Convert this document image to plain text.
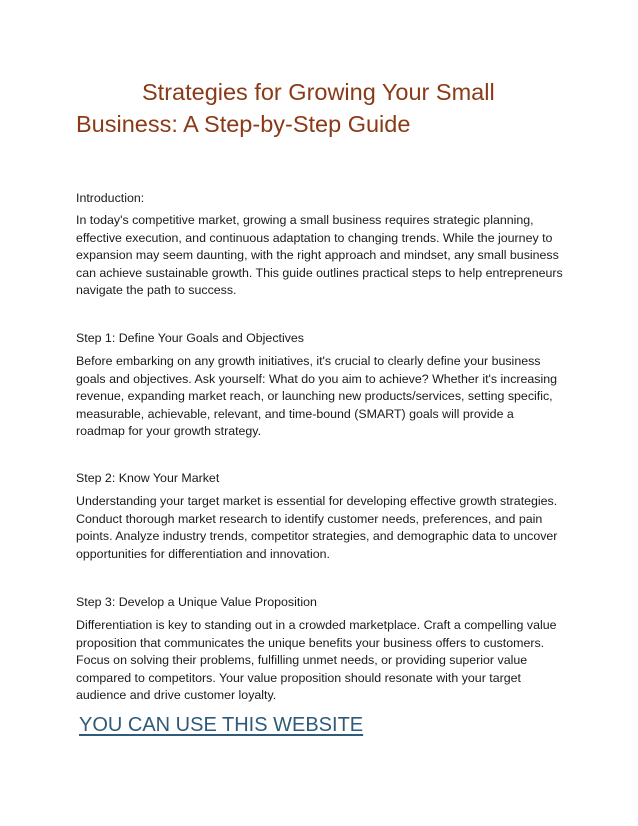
Strategies for Growing Your Small
Business: A Step-by-Step Guide

Introduction:

In today's competitive market, growing a small business requires strategic planning, effective execution, and continuous adaptation to changing trends. While the journey to expansion may seem daunting, with the right approach and mindset, any small business can achieve sustainable growth. This guide outlines practical steps to help entrepreneurs navigate the path to success.

Step 1: Define Your Goals and Objectives

Before embarking on any growth initiatives, it's crucial to clearly define your business goals and objectives. Ask yourself: What do you aim to achieve? Whether it's increasing revenue, expanding market reach, or launching new products/services, setting specific, measurable, achievable, relevant, and time-bound (SMART) goals will provide a roadmap for your growth strategy.

Step 2: Know Your Market

Understanding your target market is essential for developing effective growth strategies. Conduct thorough market research to identify customer needs, preferences, and pain points. Analyze industry trends, competitor strategies, and demographic data to uncover opportunities for differentiation and innovation.

Step 3: Develop a Unique Value Proposition

Differentiation is key to standing out in a crowded marketplace. Craft a compelling value proposition that communicates the unique benefits your business offers to customers. Focus on solving their problems, fulfilling unmet needs, or providing superior value compared to competitors. Your value proposition should resonate with your target audience and drive customer loyalty.

YOU CAN USE THIS WEBSITE
